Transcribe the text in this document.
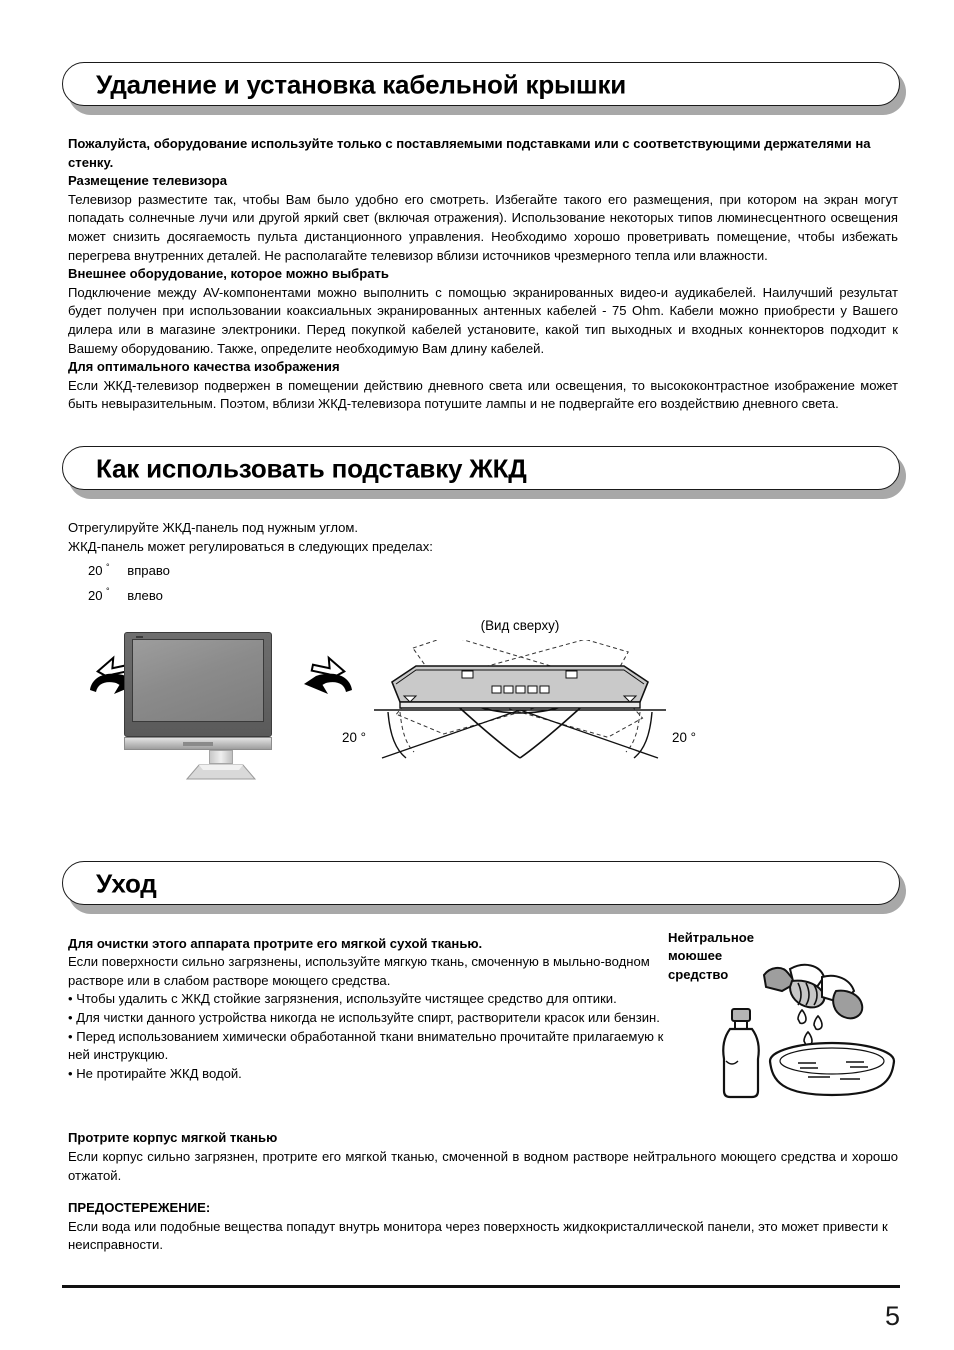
Удаление и установка кабельной крышки

Пожалуйста, оборудование используйте только с поставляемыми подставками или с соответствующими держателями на стенку.

Размещение телевизора

Телевизор разместите так, чтобы Вам было удобно его смотреть. Избегайте такого его размещения, при котором на экран могут попадать солнечные лучи или другой яркий свет (включая отражения). Использование некоторых типов люминесцентного освещения может снизить досягаемость пульта дистанционного управления. Необходимо хорошо проветривать помещение, чтобы избежать перегрева внутренних деталей. Не располагайте телевизор вблизи источников чрезмерного тепла или влажности.

Внешнее оборудование, которое можно выбрать

Подключение между AV-компонентами можно выполнить с помощью экранированных видео-и аудикабелей. Наилучший результат будет получен при использовании коаксиальных экранированных антенных кабелей - 75 Ohm. Кабели можно приобрести у Вашего дилера или в магазине электроники. Перед покупкой кабелей установите, какой тип выходных и входных коннекторов подходит к Вашему оборудованию. Также, определите необходимую Вам длину кабелей.

Для оптимального качества изображения

Если ЖКД-телевизор подвержен в помещении действию дневного света или освещения, то высококонтрастное изображение может быть невыразительным. Поэтом, вблизи ЖКД-телевизора потушите лампы и не подвергайте его воздействию дневного света.

Как использовать подставку ЖКД
Отрегулируйте ЖКД-панель под нужным углом.
ЖКД-панель может регулироваться в следующих пределах:
20 ° вправо
20 ° влево
(Вид сверху)
20 °	20 °
Уход

Для очистки этого аппарата протрите его мягкой сухой тканью.

Если поверхности сильно загрязнены, используйте мягкую ткань, смоченную в мыльно-водном растворе или в слабом растворе моющего средства.

• Чтобы удалить с ЖКД стойкие загрязнения, используйте чистящее средство для оптики.

• Для чистки данного устройства никогда не используйте спирт, растворители красок или бензин.

• Перед использованием химически обработанной ткани внимательно прочитайте прилагаемую к ней инструкцию.

• Не протирайте ЖКД водой.

Нейтральное
моюшее
средство

Протрите корпус мягкой тканью

Если корпус сильно загрязнен, протрите его мягкой тканью, смоченной в водном растворе нейтрального моющего средства и хорошо отжатой.

ПРЕДОСТЕРЕЖЕНИЕ:

Если вода или подобные вещества попадут внутрь монитора через поверхность жидкокристаллической панели, это может привести к неисправности.

5
